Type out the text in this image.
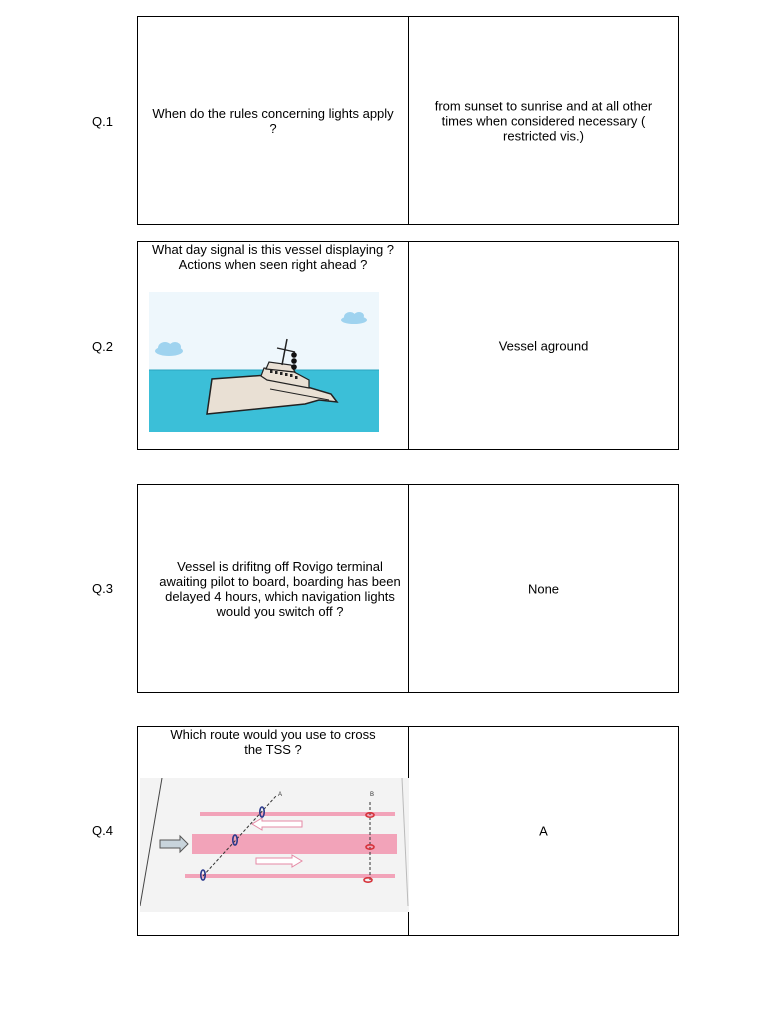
Q.1
When do the rules concerning lights apply ?
from sunset to sunrise and at all other times when considered necessary ( restricted vis.)
Q.2
What day signal is this vessel displaying ? Actions when seen right ahead ?
Vessel aground
Q.3
Vessel is drifitng off Rovigo terminal awaiting pilot to board, boarding has been delayed 4 hours, which navigation lights would you switch off ?
None
Q.4
Which route would you use to cross the TSS ?
A	B
A
